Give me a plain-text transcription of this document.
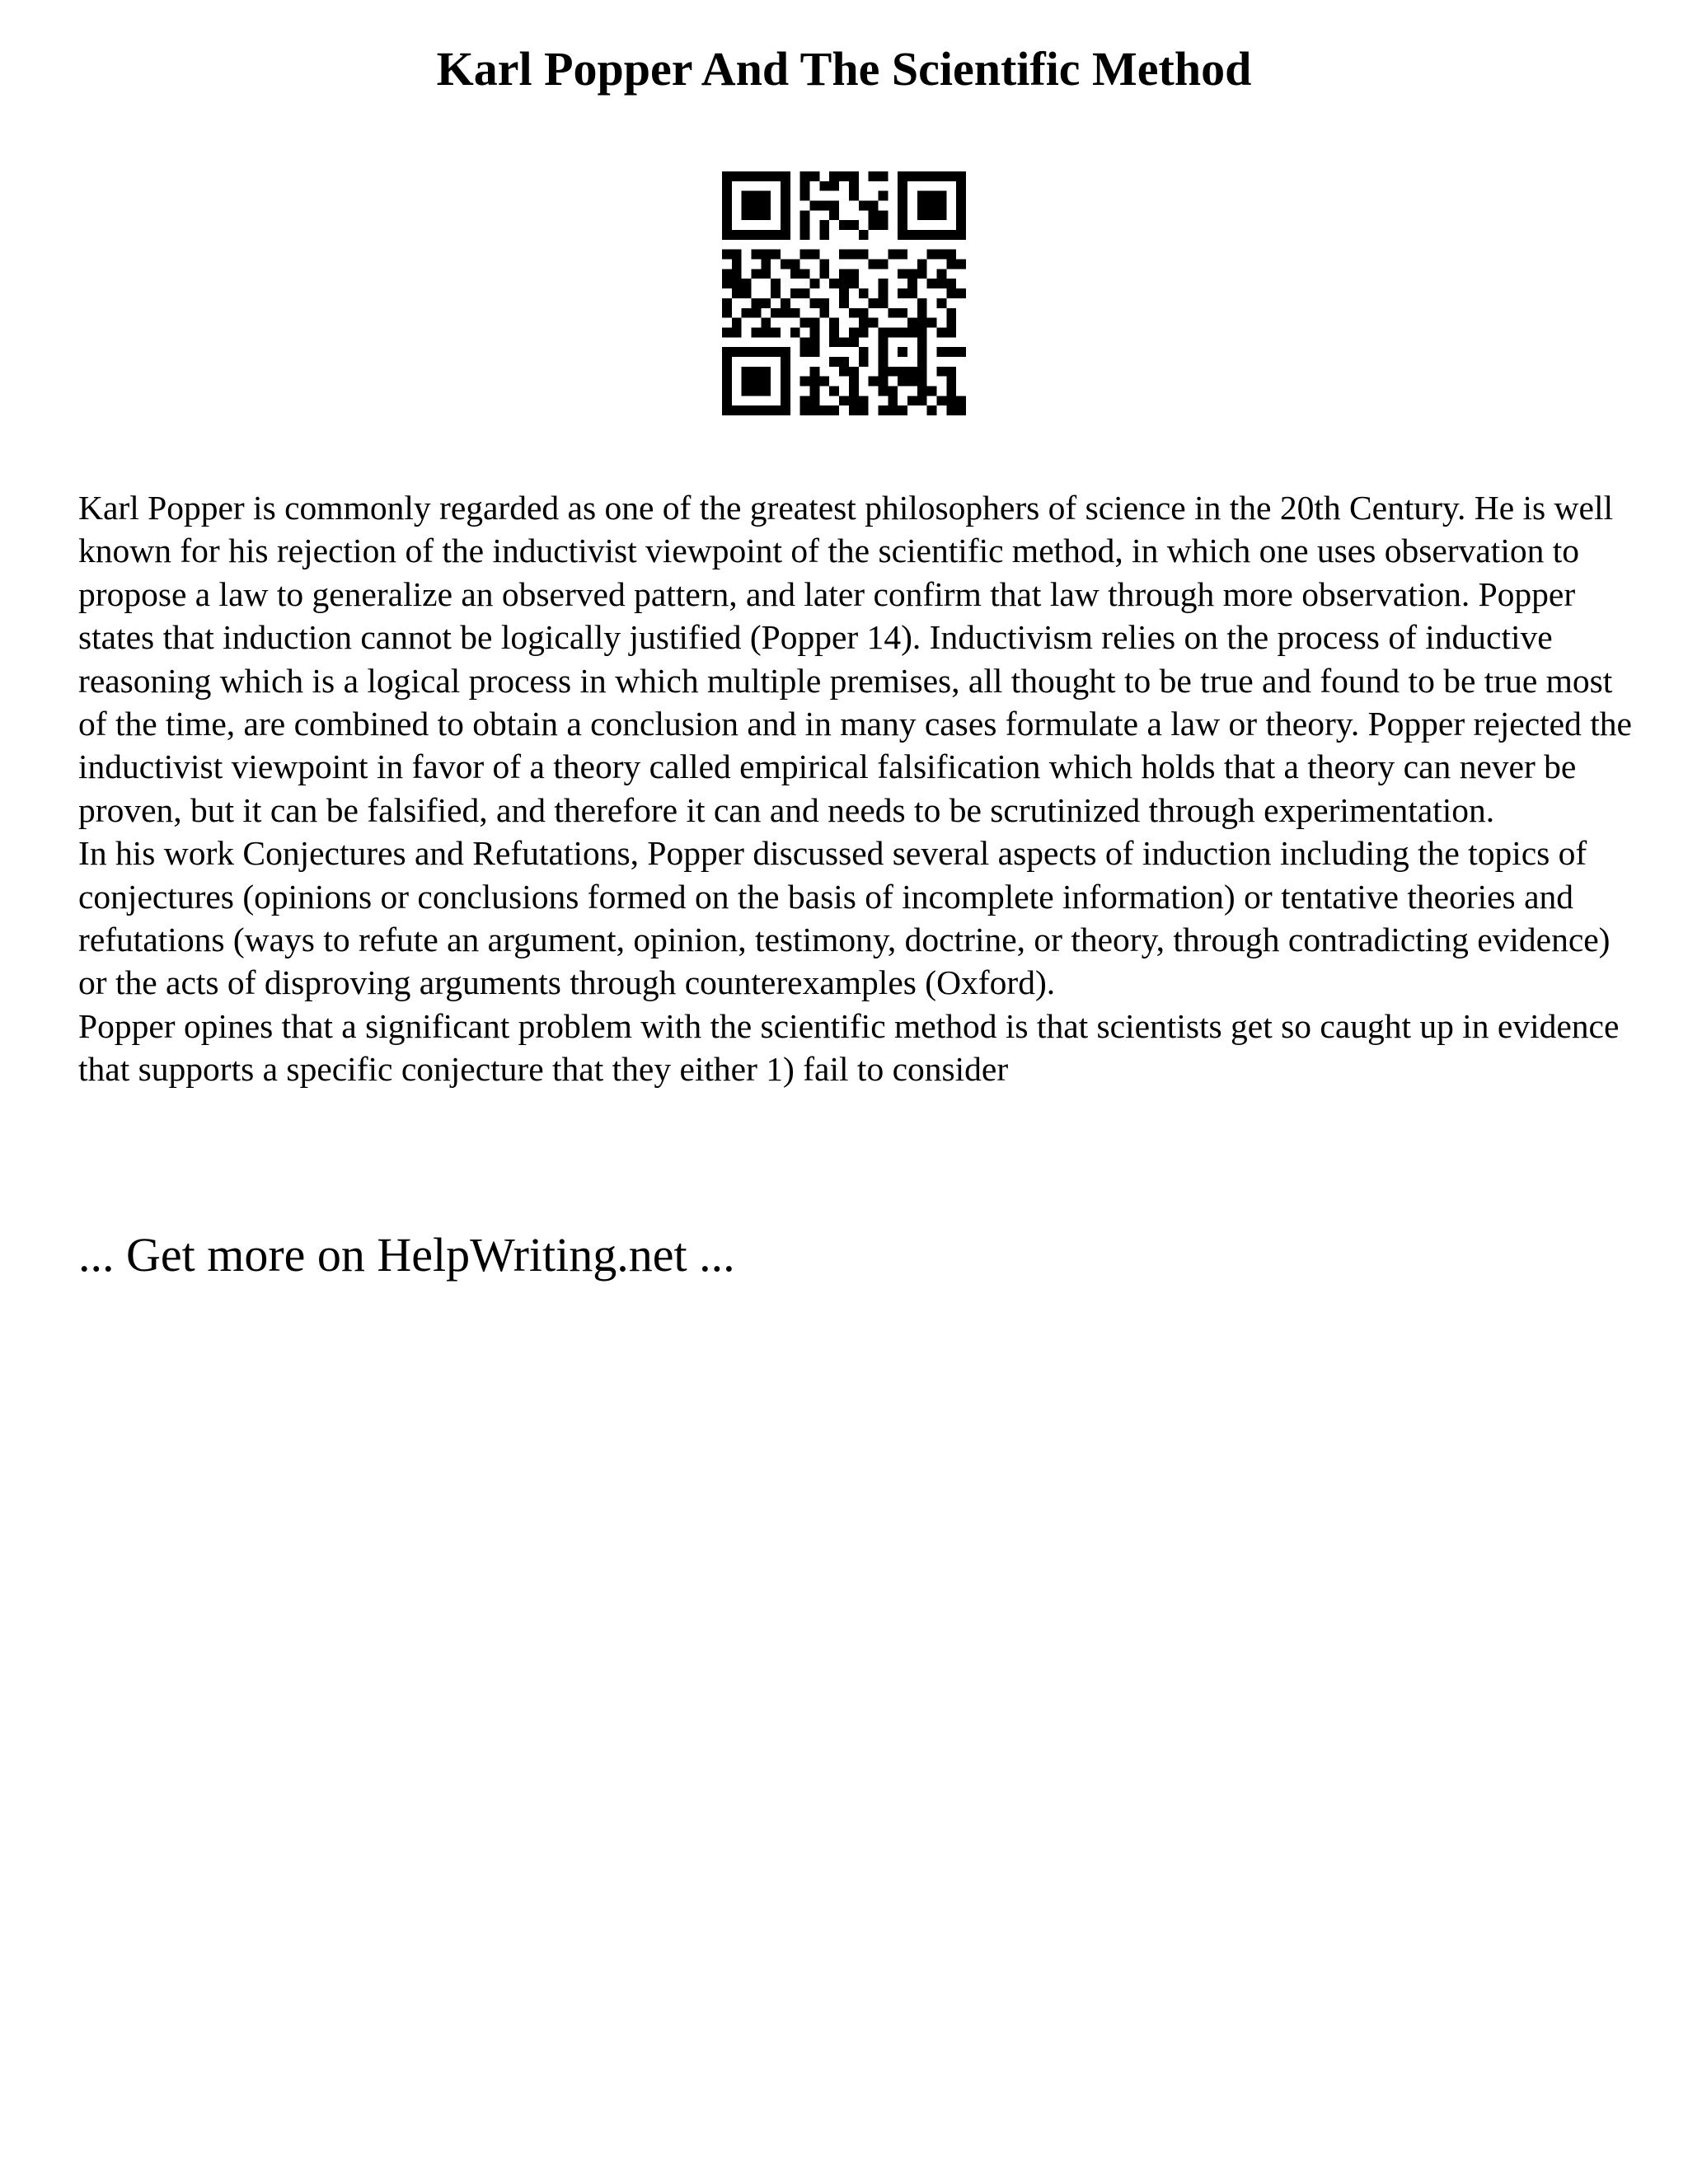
Karl Popper And The Scientific Method

Karl Popper is commonly regarded as one of the greatest philosophers of science in the 20th Century. He is well known for his rejection of the inductivist viewpoint of the scientific method, in which one uses observation to propose a law to generalize an observed pattern, and later confirm that law through more observation. Popper states that induction cannot be logically justified (Popper 14). Inductivism relies on the process of inductive reasoning which is a logical process in which multiple premises, all thought to be true and found to be true most of the time, are combined to obtain a conclusion and in many cases formulate a law or theory. Popper rejected the inductivist viewpoint in favor of a theory called empirical falsification which holds that a theory can never be proven, but it can be falsified, and therefore it can and needs to be scrutinized through experimentation.

In his work Conjectures and Refutations, Popper discussed several aspects of induction including the topics of conjectures (opinions or conclusions formed on the basis of incomplete information) or tentative theories and refutations (ways to refute an argument, opinion, testimony, doctrine, or theory, through contradicting evidence) or the acts of disproving arguments through counterexamples (Oxford).

Popper opines that a significant problem with the scientific method is that scientists get so caught up in evidence that supports a specific conjecture that they either 1) fail to consider

... Get more on HelpWriting.net ...
